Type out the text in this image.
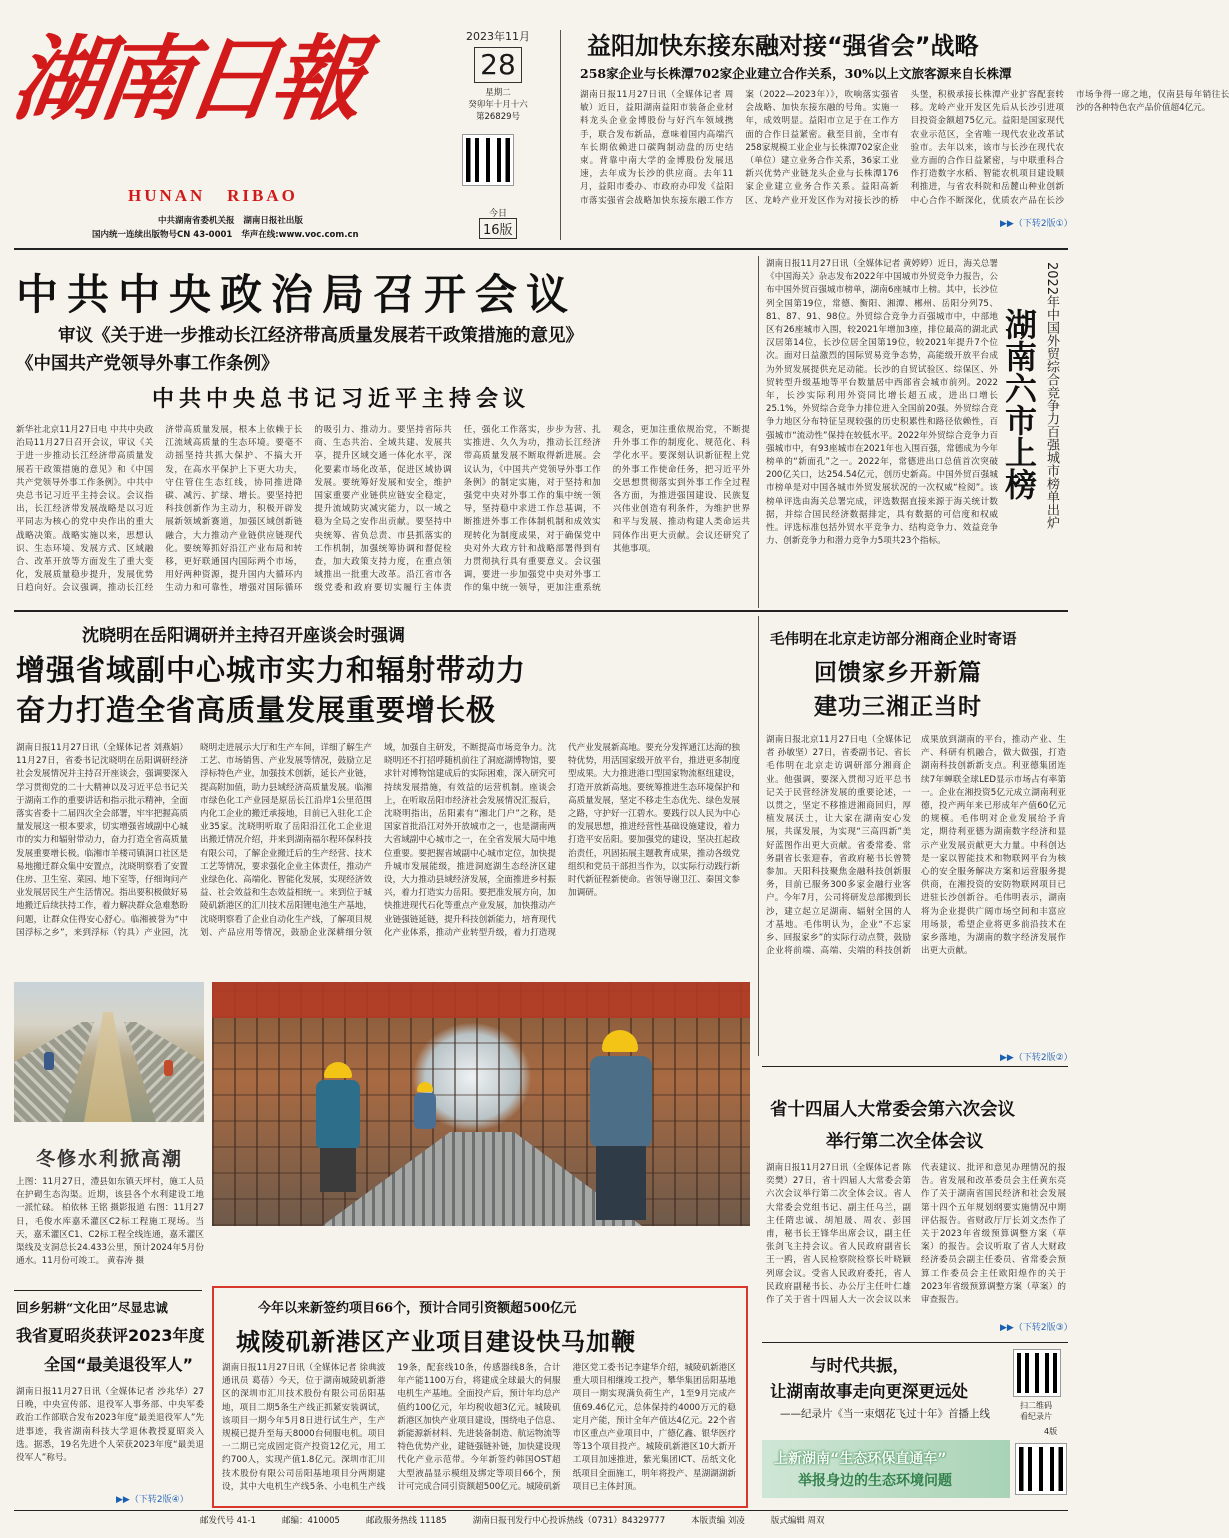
湖南日報
HUNAN   RIBAO
中共湖南省委机关报   湖南日报社出版
国内统一连续出版物号CN 43-0001   华声在线:www.voc.com.cn
2023年11月
28
星期二
癸卯年十月十六
第26829号
今日
16版
益阳加快东接东融对接“强省会”战略
258家企业与长株潭702家企业建立合作关系，30%以上文旅客源来自长株潭
湖南日报11月27日讯（全媒体记者 周敏）近日，益阳湖南益阳市装备企业材料龙头企业金博股份与好汽车领域携手，联合发布新品，意味着国内高端汽车长期依赖进口碳陶制动盘的历史结束。背靠中南大学的金博股份发展迅速，去年成为长沙的供应商。去年11月，益阳市委办、市政府办印发《益阳市落实强省会战略加快东接东融工作方案（2022—2023年）》，吹响落实强省会战略、加快东接东融的号角。实施一年，成效明显。益阳市立足于在工作方面的合作日益紧密。截至目前，全市有258家规模工业企业与长株潭702家企业（单位）建立业务合作关系，36家工业新兴优势产业链龙头企业与长株潭176家企业建立业务合作关系。益阳高新区、龙岭产业开发区作为对接长沙的桥头堡，积极承接长株潭产业扩容配套转移。龙岭产业开发区先后从长沙引进项目投资金额超75亿元。益阳是国家现代农业示范区，全省唯一现代农业改革试验市。去年以来，该市与长沙在现代农业方面的合作日益紧密，与中联重科合作打造数字水稻、智能农机项目建设顺利推进，与省农科院和岳麓山种业创新中心合作不断深化，优质农产品在长沙市场争得一席之地，仅南县每年销往长沙的各种特色农产品价值超4亿元。
▶▶（下转2版①）
中共中央政治局召开会议
审议《关于进一步推动长江经济带高质量发展若干政策措施的意见》
《中国共产党领导外事工作条例》
中共中央总书记习近平主持会议
新华社北京11月27日电 中共中央政治局11月27日召开会议，审议《关于进一步推动长江经济带高质量发展若干政策措施的意见》和《中国共产党领导外事工作条例》。中共中央总书记习近平主持会议。会议指出，长江经济带发展战略是以习近平同志为核心的党中央作出的重大战略决策。战略实施以来，思想认识、生态环境、发展方式、区域融合、改革开放等方面发生了重大变化，发展质量稳步提升，发展优势日趋向好。会议强调，推动长江经济带高质量发展，根本上依赖于长江流域高质量的生态环境。要毫不动摇坚持共抓大保护、不搞大开发，在高水平保护上下更大功夫，守住管住生态红线，协同推进降碳、减污、扩绿、增长。要坚持把科技创新作为主动力，积极开辟发展新领域新赛道，加强区域创新链融合，大力推动产业链供应链现代化。要统筹抓好沿江产业布局和转移，更好联通国内国际两个市场，用好两种资源，提升国内大循环内生动力和可靠性，增强对国际循环的吸引力、推动力。要坚持省际共商、生态共治、全域共建、发展共享，提升区域交通一体化水平，深化要素市场化改革，促进区域协调发展。要统筹好发展和安全，维护国家重要产业链供应链安全稳定，提升流域防灾减灾能力，以一域之稳为全局之安作出贡献。要坚持中央统筹、省负总责、市县抓落实的工作机制，加强统筹协调和督促检查，加大政策支持力度，在重点领域推出一批重大改革。沿江省市各级党委和政府要切实履行主体责任，强化工作落实，步步为营、扎实推进、久久为功，推动长江经济带高质量发展不断取得新进展。会议认为，《中国共产党领导外事工作条例》的制定实施，对于坚持和加强党中央对外事工作的集中统一领导，坚持稳中求进工作总基调，不断推进外事工作体制机制和成效实现转化为制度成果，对于确保党中央对外大政方针和战略部署得到有力贯彻执行具有重要意义。会议强调，要进一步加强党中央对外事工作的集中统一领导，更加注重系统观念，更加注重依规治党，不断提升外事工作的制度化、规范化、科学化水平。要深刻认识新征程上党的外事工作使命任务，把习近平外交思想贯彻落实到外事工作全过程各方面，为推进强国建设、民族复兴伟业创造有利条件，为维护世界和平与发展、推动构建人类命运共同体作出更大贡献。会议还研究了其他事项。
湖南日报11月27日讯（全媒体记者 黄婷婷）近日，海关总署《中国海关》杂志发布2022年中国城市外贸竞争力报告，公布中国外贸百强城市榜单，湖南6座城市上榜。其中，长沙位列全国第19位，常德、衡阳、湘潭、郴州、岳阳分列75、81、87、91、98位。外贸综合竞争力百强城市中，中部地区有26座城市入围，较2021年增加3座，排位最高的湖北武汉居第14位，长沙位居全国第19位，较2021年提升7个位次。面对日益激烈的国际贸易竞争态势，高能级开放平台成为外贸发展提供充足动能。长沙的自贸试验区、综保区、外贸转型升级基地等平台数量居中西部省会城市前列。2022年，长沙实际利用外资同比增长超五成，进出口增长25.1%，外贸综合竞争力排位进入全国前20强。外贸综合竞争力地区分布特征呈现较强的历史积累性和路径依赖性，百强城市“流动性”保持在较低水平。2022年外贸综合竞争力百强城市中，有93座城市在2021年也入围百强，常德成为今年榜单的“新面孔”之一。2022年，常德进出口总值首次突破200亿关口，达254.54亿元，创历史新高。中国外贸百强城市榜单是对中国各城市外贸发展状况的一次权威“检阅”。该榜单评选由海关总署完成，评选数据直接来源于海关统计数据，并综合国民经济数据排定，具有数据的可信度和权威性。评选标准包括外贸水平竞争力、结构竞争力、效益竞争力、创新竞争力和潜力竞争力5项共23个指标。
2022年中国外贸综合竞争力百强城市榜单出炉
湖南六市上榜
沈晓明在岳阳调研并主持召开座谈会时强调
增强省域副中心城市实力和辐射带动力
奋力打造全省高质量发展重要增长极
湖南日报11月27日讯（全媒体记者 刘燕娟）11月27日，省委书记沈晓明在岳阳调研经济社会发展情况并主持召开座谈会，强调要深入学习贯彻党的二十大精神以及习近平总书记关于湖南工作的重要讲话和指示批示精神，全面落实省委十二届四次全会部署，牢牢把握高质量发展这一根本要求，切实增强省域副中心城市的实力和辐射带动力，奋力打造全省高质量发展重要增长极。临湘市羊楼司镇洞口社区是易地搬迁群众集中安置点，沈晓明察看了安置住房、卫生室、菜园、地下室等，仔细询问产业发展居民生产生活情况。指出要积极做好易地搬迁后续扶持工作，着力解决群众急难愁盼问题，让群众住得安心舒心。临湘被誉为“中国浮标之乡”，来到浮标（钓具）产业园，沈晓明走进展示大厅和生产车间，详细了解生产工艺、市场销售、产业发展等情况，鼓励立足浮标特色产业，加强技术创新，延长产业链，提高附加值，助力县域经济高质量发展。临湘市绿色化工产业园是原岳长江沿岸1公里范围内化工企业的搬迁承接地，目前已入驻化工企业35家。沈晓明听取了岳阳沿江化工企业退出搬迁情况介绍，并来到湖南福尔程环保科技有限公司，了解企业搬迁后的生产经营、技术工艺等情况，要求强化企业主体责任，推动产业绿色化、高端化、智能化发展，实现经济效益、社会效益和生态效益相统一。来到位于城陵矶新港区的汇川技术岳阳锂电池生产基地，沈晓明察看了企业自动化生产线，了解项目规划、产品应用等情况，鼓励企业深耕细分领域，加强自主研发，不断提高市场竞争力。沈晓明还不打招呼随机前往了洞庭湖博物馆，要求针对博物馆建成后的实际困难，深入研究可持续发展措施，有效益的运营机制。座谈会上，在听取岳阳市经济社会发展情况汇报后，沈晓明指出，岳阳素有“湘北门户”之称，是国家首批沿江对外开放城市之一，也是湖南两大省域副中心城市之一，在全省发展大局中地位重要。要把握省域副中心城市定位，加快提升城市发展能级，推进洞庭湖生态经济区建设，大力推动县域经济发展，全面推进乡村振兴，着力打造实力岳阳。要把准发展方向，加快推进现代石化等重点产业发展，加快推动产业链强链延链，提升科技创新能力，培育现代化产业体系，推动产业转型升级，着力打造现代产业发展新高地。要充分发挥通江达海的独特优势，用活国家级开放平台，推进更多制度型成果。大力推进港口型国家物流枢纽建设，打造开放新高地。要统筹推进生态环境保护和高质量发展，坚定不移走生态优先、绿色发展之路，守护好一江碧水。要践行以人民为中心的发展思想，推进经营性基础设施建设，着力打造平安岳阳。要加强党的建设，坚决扛起政治责任，巩固拓展主题教育成果，推动各级党组织和党员干部担当作为，以实际行动践行新时代新征程新使命。省领导谢卫江、秦国文参加调研。
毛伟明在北京走访部分湘商企业时寄语
回馈家乡开新篇
建功三湘正当时
湖南日报北京11月27日电（全媒体记者 孙敏坚）27日，省委副书记、省长毛伟明在北京走访调研部分湘商企业。他强调，要深入贯彻习近平总书记关于民营经济发展的重要论述，一以贯之，坚定不移推进湘商回归，厚植发展沃土，让大家在湖南安心发展，共谋发展，为实现“三高四新”美好蓝图作出更大贡献。省委常委、常务副省长张迎春，省政府秘书长曾赞参加。天阳科技聚焦金融科技创新服务，目前已服务300多家金融行业客户。今年7月，公司将研发总部搬到长沙，建立起立足湖南、辐射全国的人才基地。毛伟明认为，企业“不忘家乡、回报家乡”的实际行动点赞，鼓励企业将前端、高端、尖端的科技创新成果放到湖南的平台，推动产业、生产、科研有机融合，做大做强，打造湖南科技创新新支点。利亚德集团连续7年蝉联全球LED显示市场占有率第一。企业在湘投资5亿元成立湖南利亚德，投产两年来已形成年产值60亿元的规模。毛伟明对企业发展给予肯定，期待利亚德为湖南数字经济和显示产业发展贡献更大力量。中科创达是一家以智能技术和物联网平台为核心的安全服务解决方案和运营服务提供商，在湘投资的安防物联网项目已进驻长沙创新谷。毛伟明表示，湖南将为企业提供广阔市场空间和丰富应用场景，希望企业将更多前沿技术在家乡落地，为湖南的数字经济发展作出更大贡献。
▶▶（下转2版②）
冬修水利掀高潮
上图：11月27日，澧县如东镇天坪村，施工人员在护砌生态沟渠。近期，该县各个水利建设工地一派忙碌。 柏依林 王铭 摄影报道 右图：11月27日，毛俊水库嘉禾灌区C2标工程施工现场。当天，嘉禾灌区C1、C2标工程全线连通，嘉禾灌区渠线及支洞总长24.433公里，预计2024年5月份通水。11月份可竣工。 黄春涛 摄
省十四届人大常委会第六次会议
举行第二次全体会议
湖南日报11月27日讯（全媒体记者 陈奕樊）27日，省十四届人大常委会第六次会议举行第二次全体会议。省人大常委会党组书记、副主任乌兰，副主任隋忠诚、胡旭晟、周农、彭国甫，秘书长王锋华出席会议，副主任张剑飞主持会议。省人民政府副省长王一鸥，省人民检察院检察长叶晓颖列席会议。受省人民政府委托，省人民政府副秘书长、办公厅主任叶仁雄作了关于省十四届人大一次会议以来代表建议、批评和意见办理情况的报告。省发展和改革委员会主任黄东亮作了关于湖南省国民经济和社会发展第十四个五年规划纲要实施情况中期评估报告。省财政厅厅长刘文杰作了关于2023年省级预算调整方案（草案）的报告。会议听取了省人大财政经济委员会副主任委员、省常委会预算工作委员会主任欧阳煌作的关于2023年省级预算调整方案（草案）的审查报告。
▶▶（下转2版③）
回乡躬耕“文化田”尽显忠诚
我省夏昭炎获评2023年度
全国“最美退役军人”
湖南日报11月27日讯（全媒体记者 沙兆华）27日晚，中央宣传部、退役军人事务部、中央军委政治工作部联合发布2023年度“最美退役军人”先进事迹，我省湖南科技大学退休教授夏昭炎入选。据悉，19名先进个人荣获2023年度“最美退役军人”称号。
▶▶（下转2版④）
今年以来新签约项目66个，预计合同引资额超500亿元
城陵矶新港区产业项目建设快马加鞭
湖南日报11月27日讯（全媒体记者 徐典波 通讯员 葛蓓）今天，位于湖南城陵矶新港区的深圳市汇川技术股份有限公司岳阳基地，项目二期5条生产线正抓紧安装调试，该项目一期今年5月8日进行试生产，生产规模已提升至每天8000台伺服电机。项目一二期已完成固定资产投资12亿元，用工约700人，实现产值1.8亿元。深圳市汇川技术股份有限公司岳阳基地项目分两期建设，其中大电机生产线5条、小电机生产线19条，配套线10条，传感器线8条，合计年产能1100万台，将建成全球最大的伺服电机生产基地。全面投产后，预计年均总产值约100亿元，年均税收超3亿元。城陵矶新港区加快产业项目建设，围绕电子信息、新能源新材料、先进装备制造、航运物流等特色优势产业，建链强链补链，加快建设现代化产业示范带。今年新签约韩国OST超大型液晶显示模组及绑定等项目66个，预计可完成合同引资额超500亿元。城陵矶新港区党工委书记李建华介绍，城陵矶新港区重大项目相继竣工投产，攀华集团岳阳基地项目一期实现满负荷生产，1至9月完成产值69.46亿元，总体保持约4000万元的稳定月产能，预计全年产值达4亿元。22个省市区重点产业项目中，广德亿鑫、银华医疗等13个项目投产。城陵矶新港区10大新开工项目加速推进，紫光集团ICT、岳纸文化纸项目全面施工，明年将投产、星湖湖湖新项目已主体封顶。
与时代共振，
让湖南故事走向更深更远处
——纪录片《当一束烟花飞过十年》首播上线
扫二维码
看纪录片
4版
上新湖南“生态环保直通车”
举报身边的生态环境问题
邮发代号 41-1	邮编：410005	邮政服务热线 11185	湖南日报刊发行中心投诉热线（0731）84329777	本版责编 刘凌	版式编辑 周双
